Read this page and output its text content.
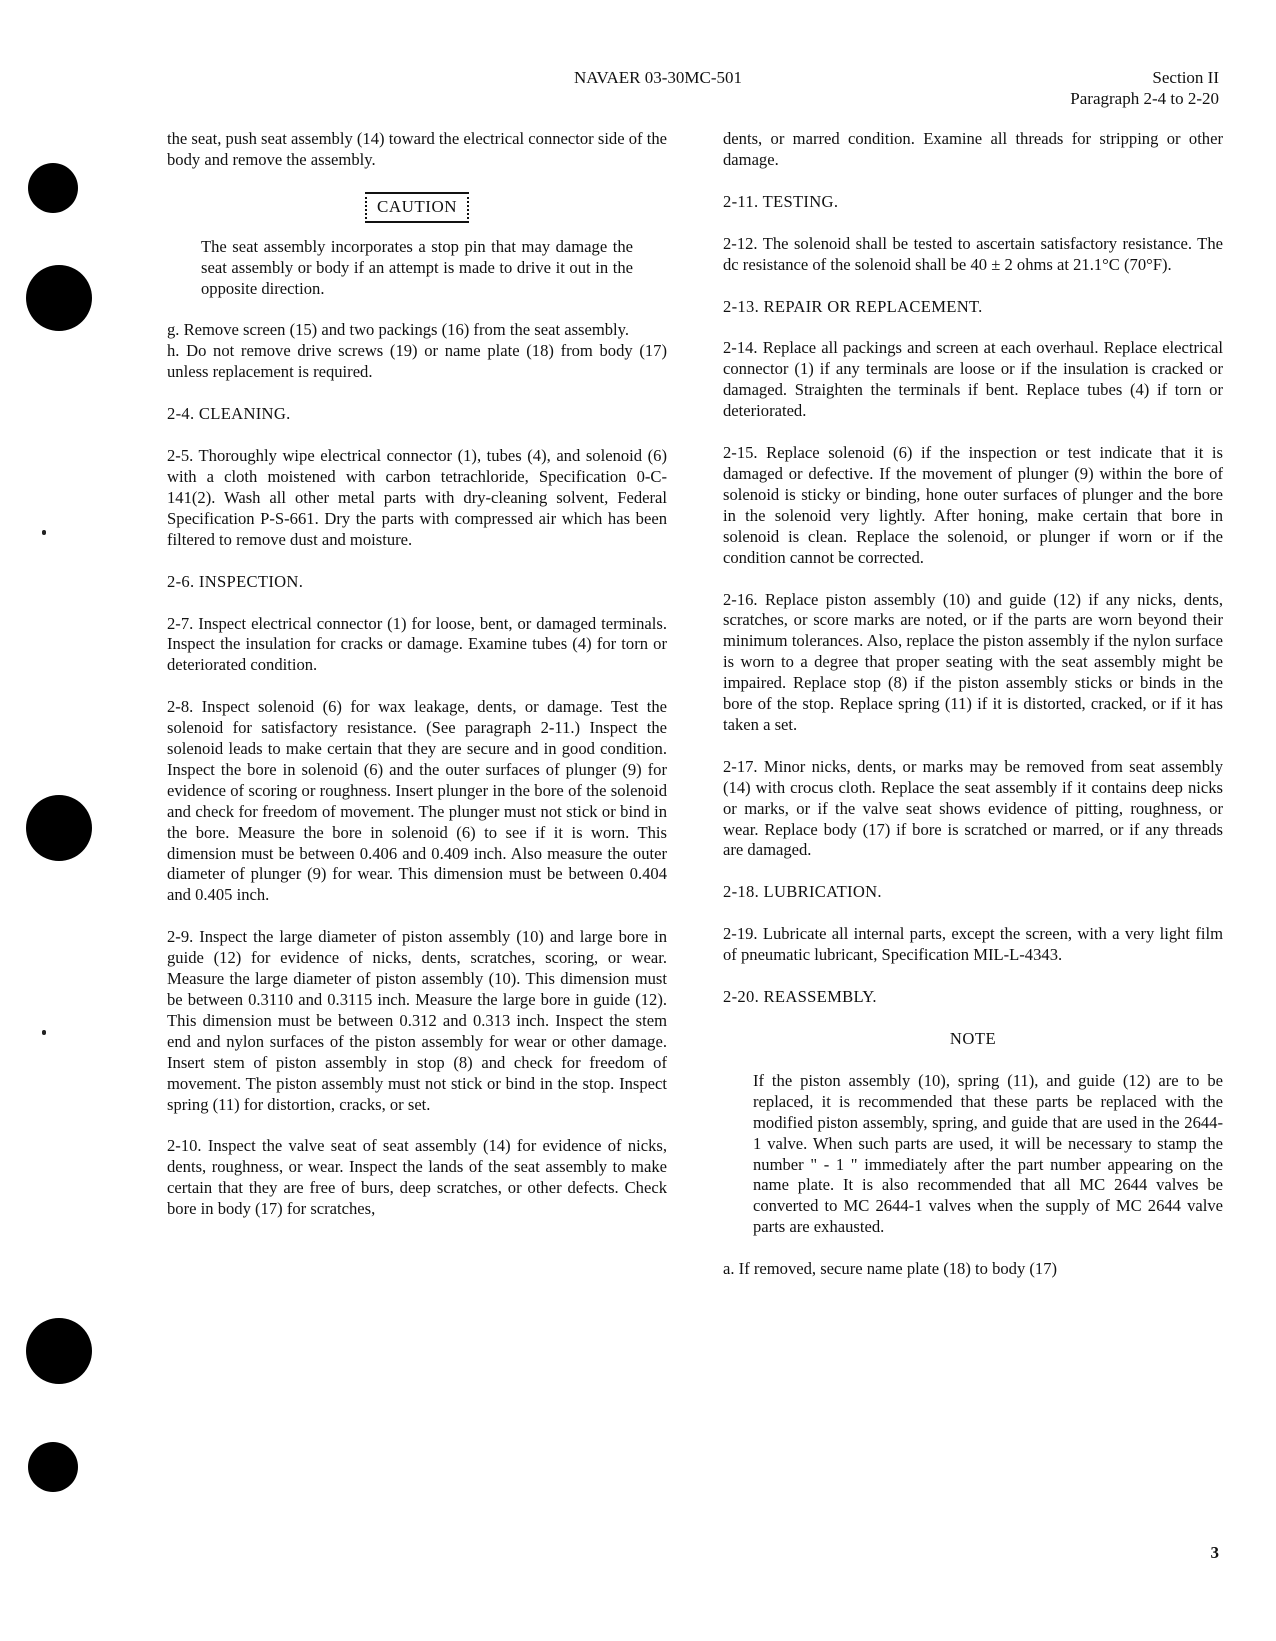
NAVAER 03-30MC-501	Section II
Paragraph 2-4 to 2-20

the seat, push seat assembly (14) toward the electrical connector side of the body and remove the assembly.

CAUTION

The seat assembly incorporates a stop pin that may damage the seat assembly or body if an attempt is made to drive it out in the opposite direction.

g. Remove screen (15) and two packings (16) from the seat assembly.

h. Do not remove drive screws (19) or name plate (18) from body (17) unless replacement is required.

2-4. CLEANING.

2-5. Thoroughly wipe electrical connector (1), tubes (4), and solenoid (6) with a cloth moistened with carbon tetrachloride, Specification 0-C-141(2). Wash all other metal parts with dry-cleaning solvent, Federal Specification P-S-661. Dry the parts with compressed air which has been filtered to remove dust and moisture.

2-6. INSPECTION.

2-7. Inspect electrical connector (1) for loose, bent, or damaged terminals. Inspect the insulation for cracks or damage. Examine tubes (4) for torn or deteriorated condition.

2-8. Inspect solenoid (6) for wax leakage, dents, or damage. Test the solenoid for satisfactory resistance. (See paragraph 2-11.) Inspect the solenoid leads to make certain that they are secure and in good condition. Inspect the bore in solenoid (6) and the outer surfaces of plunger (9) for evidence of scoring or roughness. Insert plunger in the bore of the solenoid and check for freedom of movement. The plunger must not stick or bind in the bore. Measure the bore in solenoid (6) to see if it is worn. This dimension must be between 0.406 and 0.409 inch. Also measure the outer diameter of plunger (9) for wear. This dimension must be between 0.404 and 0.405 inch.

2-9. Inspect the large diameter of piston assembly (10) and large bore in guide (12) for evidence of nicks, dents, scratches, scoring, or wear. Measure the large diameter of piston assembly (10). This dimension must be between 0.3110 and 0.3115 inch. Measure the large bore in guide (12). This dimension must be between 0.312 and 0.313 inch. Inspect the stem end and nylon surfaces of the piston assembly for wear or other damage. Insert stem of piston assembly in stop (8) and check for freedom of movement. The piston assembly must not stick or bind in the stop. Inspect spring (11) for distortion, cracks, or set.

2-10. Inspect the valve seat of seat assembly (14) for evidence of nicks, dents, roughness, or wear. Inspect the lands of the seat assembly to make certain that they are free of burs, deep scratches, or other defects. Check bore in body (17) for scratches,

dents, or marred condition. Examine all threads for stripping or other damage.

2-11. TESTING.

2-12. The solenoid shall be tested to ascertain satisfactory resistance. The dc resistance of the solenoid shall be 40 ± 2 ohms at 21.1°C (70°F).

2-13. REPAIR OR REPLACEMENT.

2-14. Replace all packings and screen at each overhaul. Replace electrical connector (1) if any terminals are loose or if the insulation is cracked or damaged. Straighten the terminals if bent. Replace tubes (4) if torn or deteriorated.

2-15. Replace solenoid (6) if the inspection or test indicate that it is damaged or defective. If the movement of plunger (9) within the bore of solenoid is sticky or binding, hone outer surfaces of plunger and the bore in the solenoid very lightly. After honing, make certain that bore in solenoid is clean. Replace the solenoid, or plunger if worn or if the condition cannot be corrected.

2-16. Replace piston assembly (10) and guide (12) if any nicks, dents, scratches, or score marks are noted, or if the parts are worn beyond their minimum tolerances. Also, replace the piston assembly if the nylon surface is worn to a degree that proper seating with the seat assembly might be impaired. Replace stop (8) if the piston assembly sticks or binds in the bore of the stop. Replace spring (11) if it is distorted, cracked, or if it has taken a set.

2-17. Minor nicks, dents, or marks may be removed from seat assembly (14) with crocus cloth. Replace the seat assembly if it contains deep nicks or marks, or if the valve seat shows evidence of pitting, roughness, or wear. Replace body (17) if bore is scratched or marred, or if any threads are damaged.

2-18. LUBRICATION.

2-19. Lubricate all internal parts, except the screen, with a very light film of pneumatic lubricant, Specification MIL-L-4343.

2-20. REASSEMBLY.
NOTE

If the piston assembly (10), spring (11), and guide (12) are to be replaced, it is recommended that these parts be replaced with the modified piston assembly, spring, and guide that are used in the 2644-1 valve. When such parts are used, it will be necessary to stamp the number " - 1 " immediately after the part number appearing on the name plate. It is also recommended that all MC 2644 valves be converted to MC 2644-1 valves when the supply of MC 2644 valve parts are exhausted.

a. If removed, secure name plate (18) to body (17)

3
